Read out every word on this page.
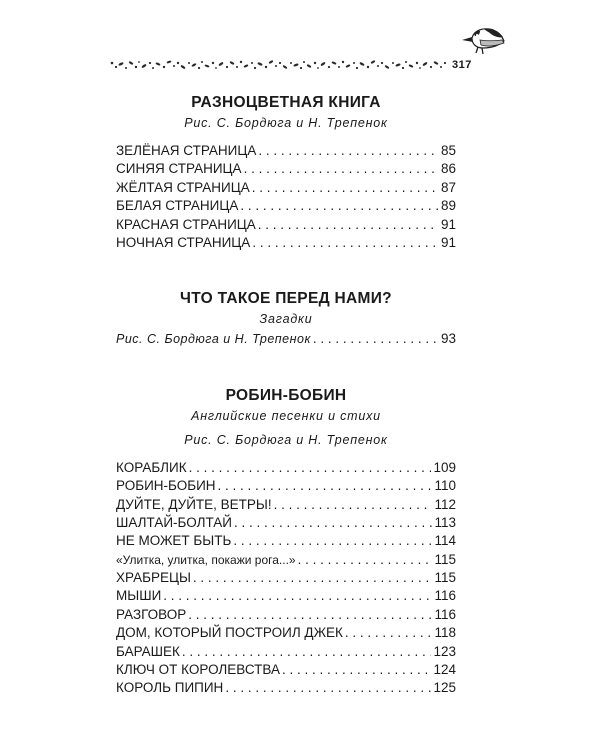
317
РАЗНОЦВЕТНАЯ КНИГА
Рис. С. Бордюга и Н. Трепенок
ЗЕЛЁНАЯ СТРАНИЦА . . .	85
СИНЯЯ СТРАНИЦА . . .	86
ЖЁЛТАЯ СТРАНИЦА . . .	87
БЕЛАЯ СТРАНИЦА . . .	89
КРАСНАЯ СТРАНИЦА . . .	91
НОЧНАЯ СТРАНИЦА . . .	91
ЧТО ТАКОЕ ПЕРЕД НАМИ?
Загадки
Рис. С. Бордюга и Н. Трепенок . . .	93
РОБИН-БОБИН
Английские песенки и стихи
Рис. С. Бордюга и Н. Трепенок
КОРАБЛИК . . .	109
РОБИН-БОБИН . . .	110
ДУЙТЕ, ДУЙТЕ, ВЕТРЫ! . . .	112
ШАЛТАЙ-БОЛТАЙ . . .	113
НЕ МОЖЕТ БЫТЬ . . .	114
«Улитка, улитка, покажи рога...» . . .	115
ХРАБРЕЦЫ . . .	115
МЫШИ . . .	116
РАЗГОВОР . . .	116
ДОМ, КОТОРЫЙ ПОСТРОИЛ ДЖЕК . . .	118
БАРАШЕК . . .	123
КЛЮЧ ОТ КОРОЛЕВСТВА . . .	124
КОРОЛЬ ПИПИН . . .	125
